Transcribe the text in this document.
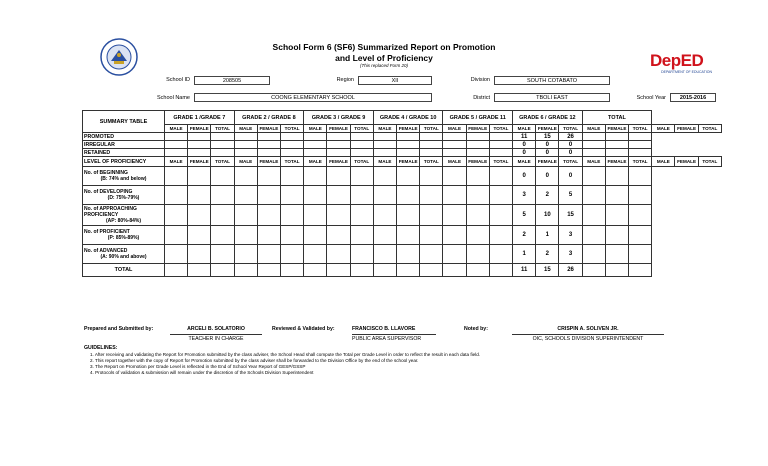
School Form 6 (SF6) Summarized Report on Promotion
and Level of Proficiency
(This replaced Form 20)	DepED
DEPARTMENT OF EDUCATION
School ID	208505	Region	XII	Division	SOUTH COTABATO
School Name	COONG ELEMENTARY SCHOOL	District	TBOLI EAST	School Year	2015-2016
SUMMARY TABLE	GRADE 1 /GRADE 7			GRADE 2 / GRADE 8			GRADE 3 / GRADE 9			GRADE 4 / GRADE 10			GRADE 5 / GRADE 11			GRADE 6 / GRADE 12			TOTAL					
	MALE	FEMALE	TOTAL	MALE	FEMALE	TOTAL	MALE	FEMALE	TOTAL	MALE	FEMALE	TOTAL	MALE	FEMALE	TOTAL	MALE	FEMALE	TOTAL	MALE	FEMALE	TOTAL	MALE	FEMALE	TOTAL
PROMOTED																11	15	26						
IRREGULAR																0	0	0						
RETAINED																0	0	0						
LEVEL OF PROFICIENCY	MALE	FEMALE	TOTAL	MALE	FEMALE	TOTAL	MALE	FEMALE	TOTAL	MALE	FEMALE	TOTAL	MALE	FEMALE	TOTAL	MALE	FEMALE	TOTAL	MALE	FEMALE	TOTAL	MALE	FEMALE	TOTAL

No. of BEGINNING
(B: 74% and below)																0	0	0						

No. of DEVELOPING
(D: 75%-79%)																3	2	5						

No. of APPROACHING PROFICIENCY
(AP: 80%-84%)																5	10	15						

No. of PROFICIENT
(P: 85%-89%)																2	1	3						

No. of ADVANCED
(A: 90% and above)																1	2	3						
TOTAL																11	15	26						
Prepared and Submitted by:	ARCELI B. SOLATORIO
TEACHER IN CHARGE
Reviewed & Validated by:	FRANCISCO B. LLAVORE
PUBLIC AREA SUPERVISOR
Noted by:	CRISPIN A. SOLIVEN JR.
OIC, SCHOOLS DIVISION SUPERINTENDENT
GUIDELINES:
1. After receiving and validating the Report for Promotion submitted by the class adviser, the School Head shall compute the Total per Grade Level in order to reflect the result in each data field.
2. This report together with the copy of Report for Promotion submitted by the class adviser shall be forwarded to the Division Office by the end of the school year.
3. The Report on Promotion per Grade Level is reflected in the End of School Year Report of GESP/GSSP
4. Protocols of validation & submission will remain under the discretion of the Schools Division Superintendent
